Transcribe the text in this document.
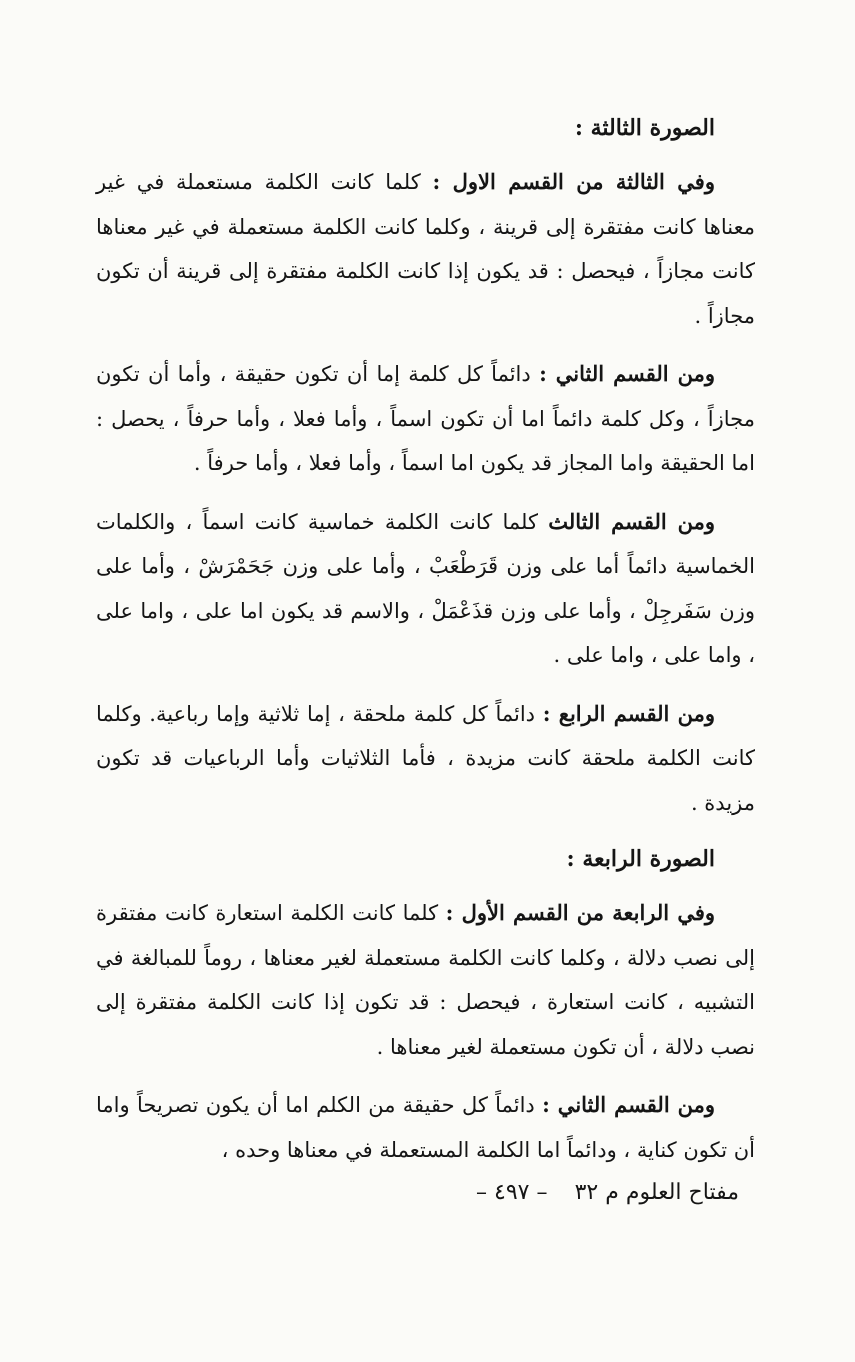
الصورة الثالثة :

وفي الثالثة من القسم الاول : كلما كانت الكلمة مستعملة في غير معناها كانت مفتقرة إلى قرينة ، وكلما كانت الكلمة مستعملة في غير معناها كانت مجازاً ، فيحصل : قد يكون إذا كانت الكلمة مفتقرة إلى قرينة أن تكون مجازاً .

ومن القسم الثاني : دائماً كل كلمة إما أن تكون حقيقة ، وأما أن تكون مجازاً ، وكل كلمة دائماً اما أن تكون اسماً ، وأما فعلا ، وأما حرفاً ، يحصل : اما الحقيقة واما المجاز قد يكون اما اسماً ، وأما فعلا ، وأما حرفاً .

ومن القسم الثالث كلما كانت الكلمة خماسية كانت اسماً ، والكلمات الخماسية دائماً أما على وزن قَرَطْعَبْ ، وأما على وزن جَحَمْرَشْ ، وأما على وزن سَفَرجِلْ ، وأما على وزن قذَعْمَلْ ، والاسم قد يكون اما على ، واما على ، واما على ، واما على .

ومن القسم الرابع : دائماً كل كلمة ملحقة ، إما ثلاثية وإما رباعية. وكلما كانت الكلمة ملحقة كانت مزيدة ، فأما الثلاثيات وأما الرباعيات قد تكون مزيدة .

الصورة الرابعة :

وفي الرابعة من القسم الأول : كلما كانت الكلمة استعارة كانت مفتقرة إلى نصب دلالة ، وكلما كانت الكلمة مستعملة لغير معناها ، روماً للمبالغة في التشبيه ، كانت استعارة ، فيحصل : قد تكون إذا كانت الكلمة مفتقرة إلى نصب دلالة ، أن تكون مستعملة لغير معناها .

ومن القسم الثاني : دائماً كل حقيقة من الكلم اما أن يكون تصريحاً واما أن تكون كناية ، ودائماً اما الكلمة المستعملة في معناها وحده ،

مفتاح العلوم م ٣٢
– ٤٩٧ –
